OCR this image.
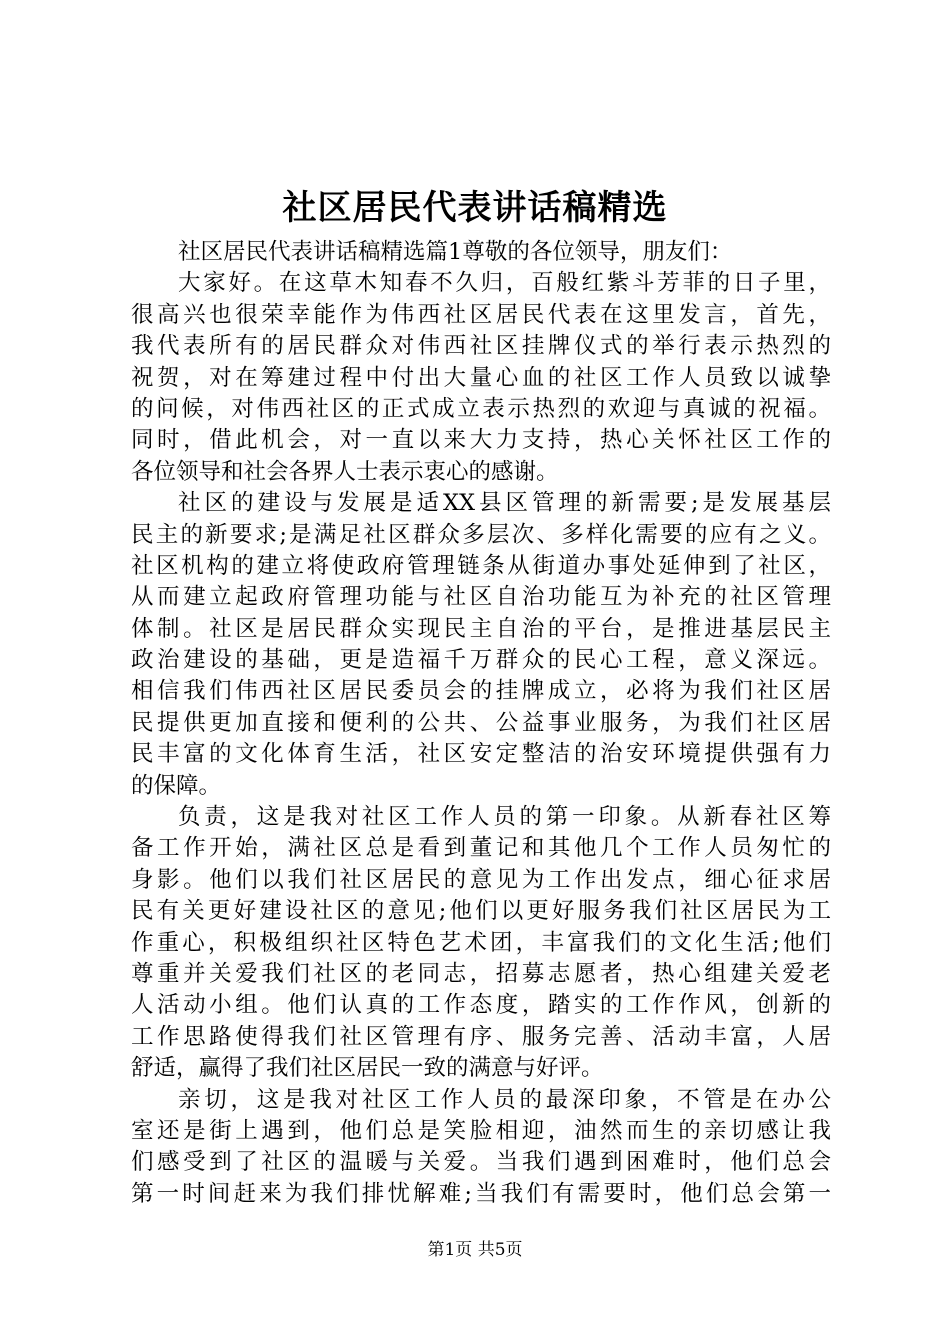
社区居民代表讲话稿精选
社区居民代表讲话稿精选篇1尊敬的各位领导，朋友们：
大家好。在这草木知春不久归，百般红紫斗芳菲的日子里，
很高兴也很荣幸能作为伟西社区居民代表在这里发言，首先，
我代表所有的居民群众对伟西社区挂牌仪式的举行表示热烈的
祝贺，对在筹建过程中付出大量心血的社区工作人员致以诚挚
的问候，对伟西社区的正式成立表示热烈的欢迎与真诚的祝福。
同时，借此机会，对一直以来大力支持，热心关怀社区工作的
各位领导和社会各界人士表示衷心的感谢。
社区的建设与发展是适XX县区管理的新需要;是发展基层
民主的新要求;是满足社区群众多层次、多样化需要的应有之义。
社区机构的建立将使政府管理链条从街道办事处延伸到了社区，
从而建立起政府管理功能与社区自治功能互为补充的社区管理
体制。社区是居民群众实现民主自治的平台，是推进基层民主
政治建设的基础，更是造福千万群众的民心工程，意义深远。
相信我们伟西社区居民委员会的挂牌成立，必将为我们社区居
民提供更加直接和便利的公共、公益事业服务，为我们社区居
民丰富的文化体育生活，社区安定整洁的治安环境提供强有力
的保障。
负责，这是我对社区工作人员的第一印象。从新春社区筹
备工作开始，满社区总是看到董记和其他几个工作人员匆忙的
身影。他们以我们社区居民的意见为工作出发点，细心征求居
民有关更好建设社区的意见;他们以更好服务我们社区居民为工
作重心，积极组织社区特色艺术团，丰富我们的文化生活;他们
尊重并关爱我们社区的老同志，招募志愿者，热心组建关爱老
人活动小组。他们认真的工作态度，踏实的工作作风，创新的
工作思路使得我们社区管理有序、服务完善、活动丰富，人居
舒适，赢得了我们社区居民一致的满意与好评。
亲切，这是我对社区工作人员的最深印象，不管是在办公
室还是街上遇到，他们总是笑脸相迎，油然而生的亲切感让我
们感受到了社区的温暖与关爱。当我们遇到困难时，他们总会
第一时间赶来为我们排忧解难;当我们有需要时，他们总会第一
第1页 共5页
